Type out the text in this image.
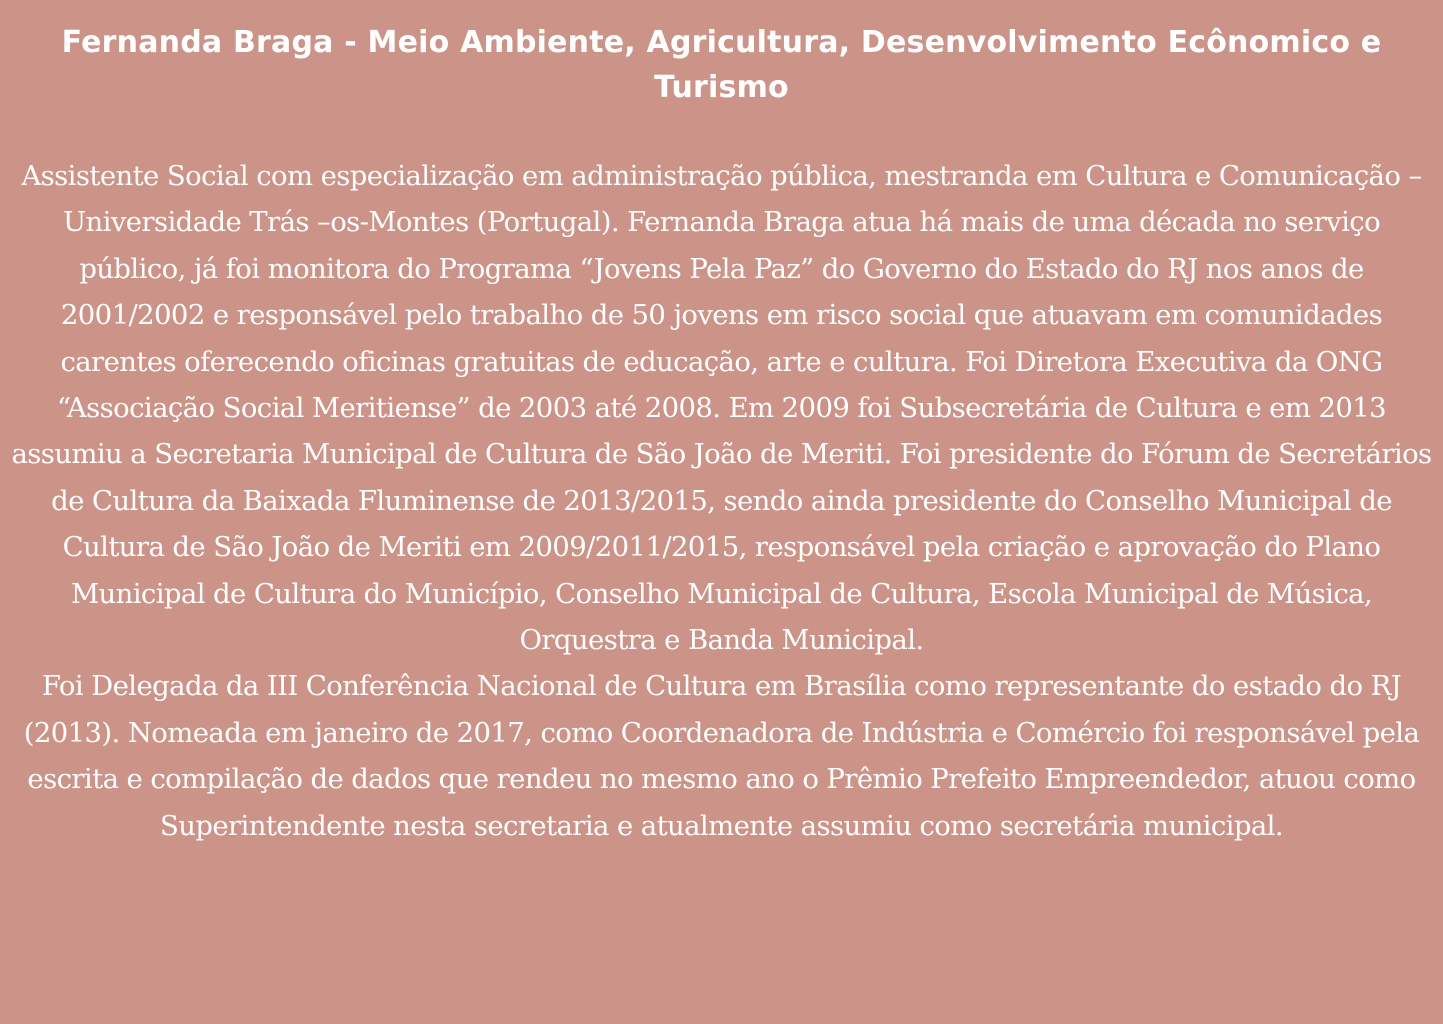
Fernanda Braga - Meio Ambiente, Agricultura, Desenvolvimento Ecônomico e Turismo

Assistente Social com especialização em administração pública, mestranda em Cultura e Comunicação – Universidade Trás –os-Montes (Portugal). Fernanda Braga atua há mais de uma década no serviço público, já foi monitora do Programa “Jovens Pela Paz” do Governo do Estado do RJ nos anos de 2001/2002 e responsável pelo trabalho de 50 jovens em risco social que atuavam em comunidades carentes oferecendo oficinas gratuitas de educação, arte e cultura. Foi Diretora Executiva da ONG “Associação Social Meritiense” de 2003 até 2008. Em 2009 foi Subsecretária de Cultura e em 2013 assumiu a Secretaria Municipal de Cultura de São João de Meriti. Foi presidente do Fórum de Secretários de Cultura da Baixada Fluminense de 2013/2015, sendo ainda presidente do Conselho Municipal de Cultura de São João de Meriti em 2009/2011/2015, responsável pela criação e aprovação do Plano Municipal de Cultura do Município, Conselho Municipal de Cultura, Escola Municipal de Música, Orquestra e Banda Municipal.

Foi Delegada da III Conferência Nacional de Cultura em Brasília como representante do estado do RJ (2013). Nomeada em janeiro de 2017, como Coordenadora de Indústria e Comércio foi responsável pela escrita e compilação de dados que rendeu no mesmo ano o Prêmio Prefeito Empreendedor, atuou como Superintendente nesta secretaria e atualmente assumiu como secretária municipal.
